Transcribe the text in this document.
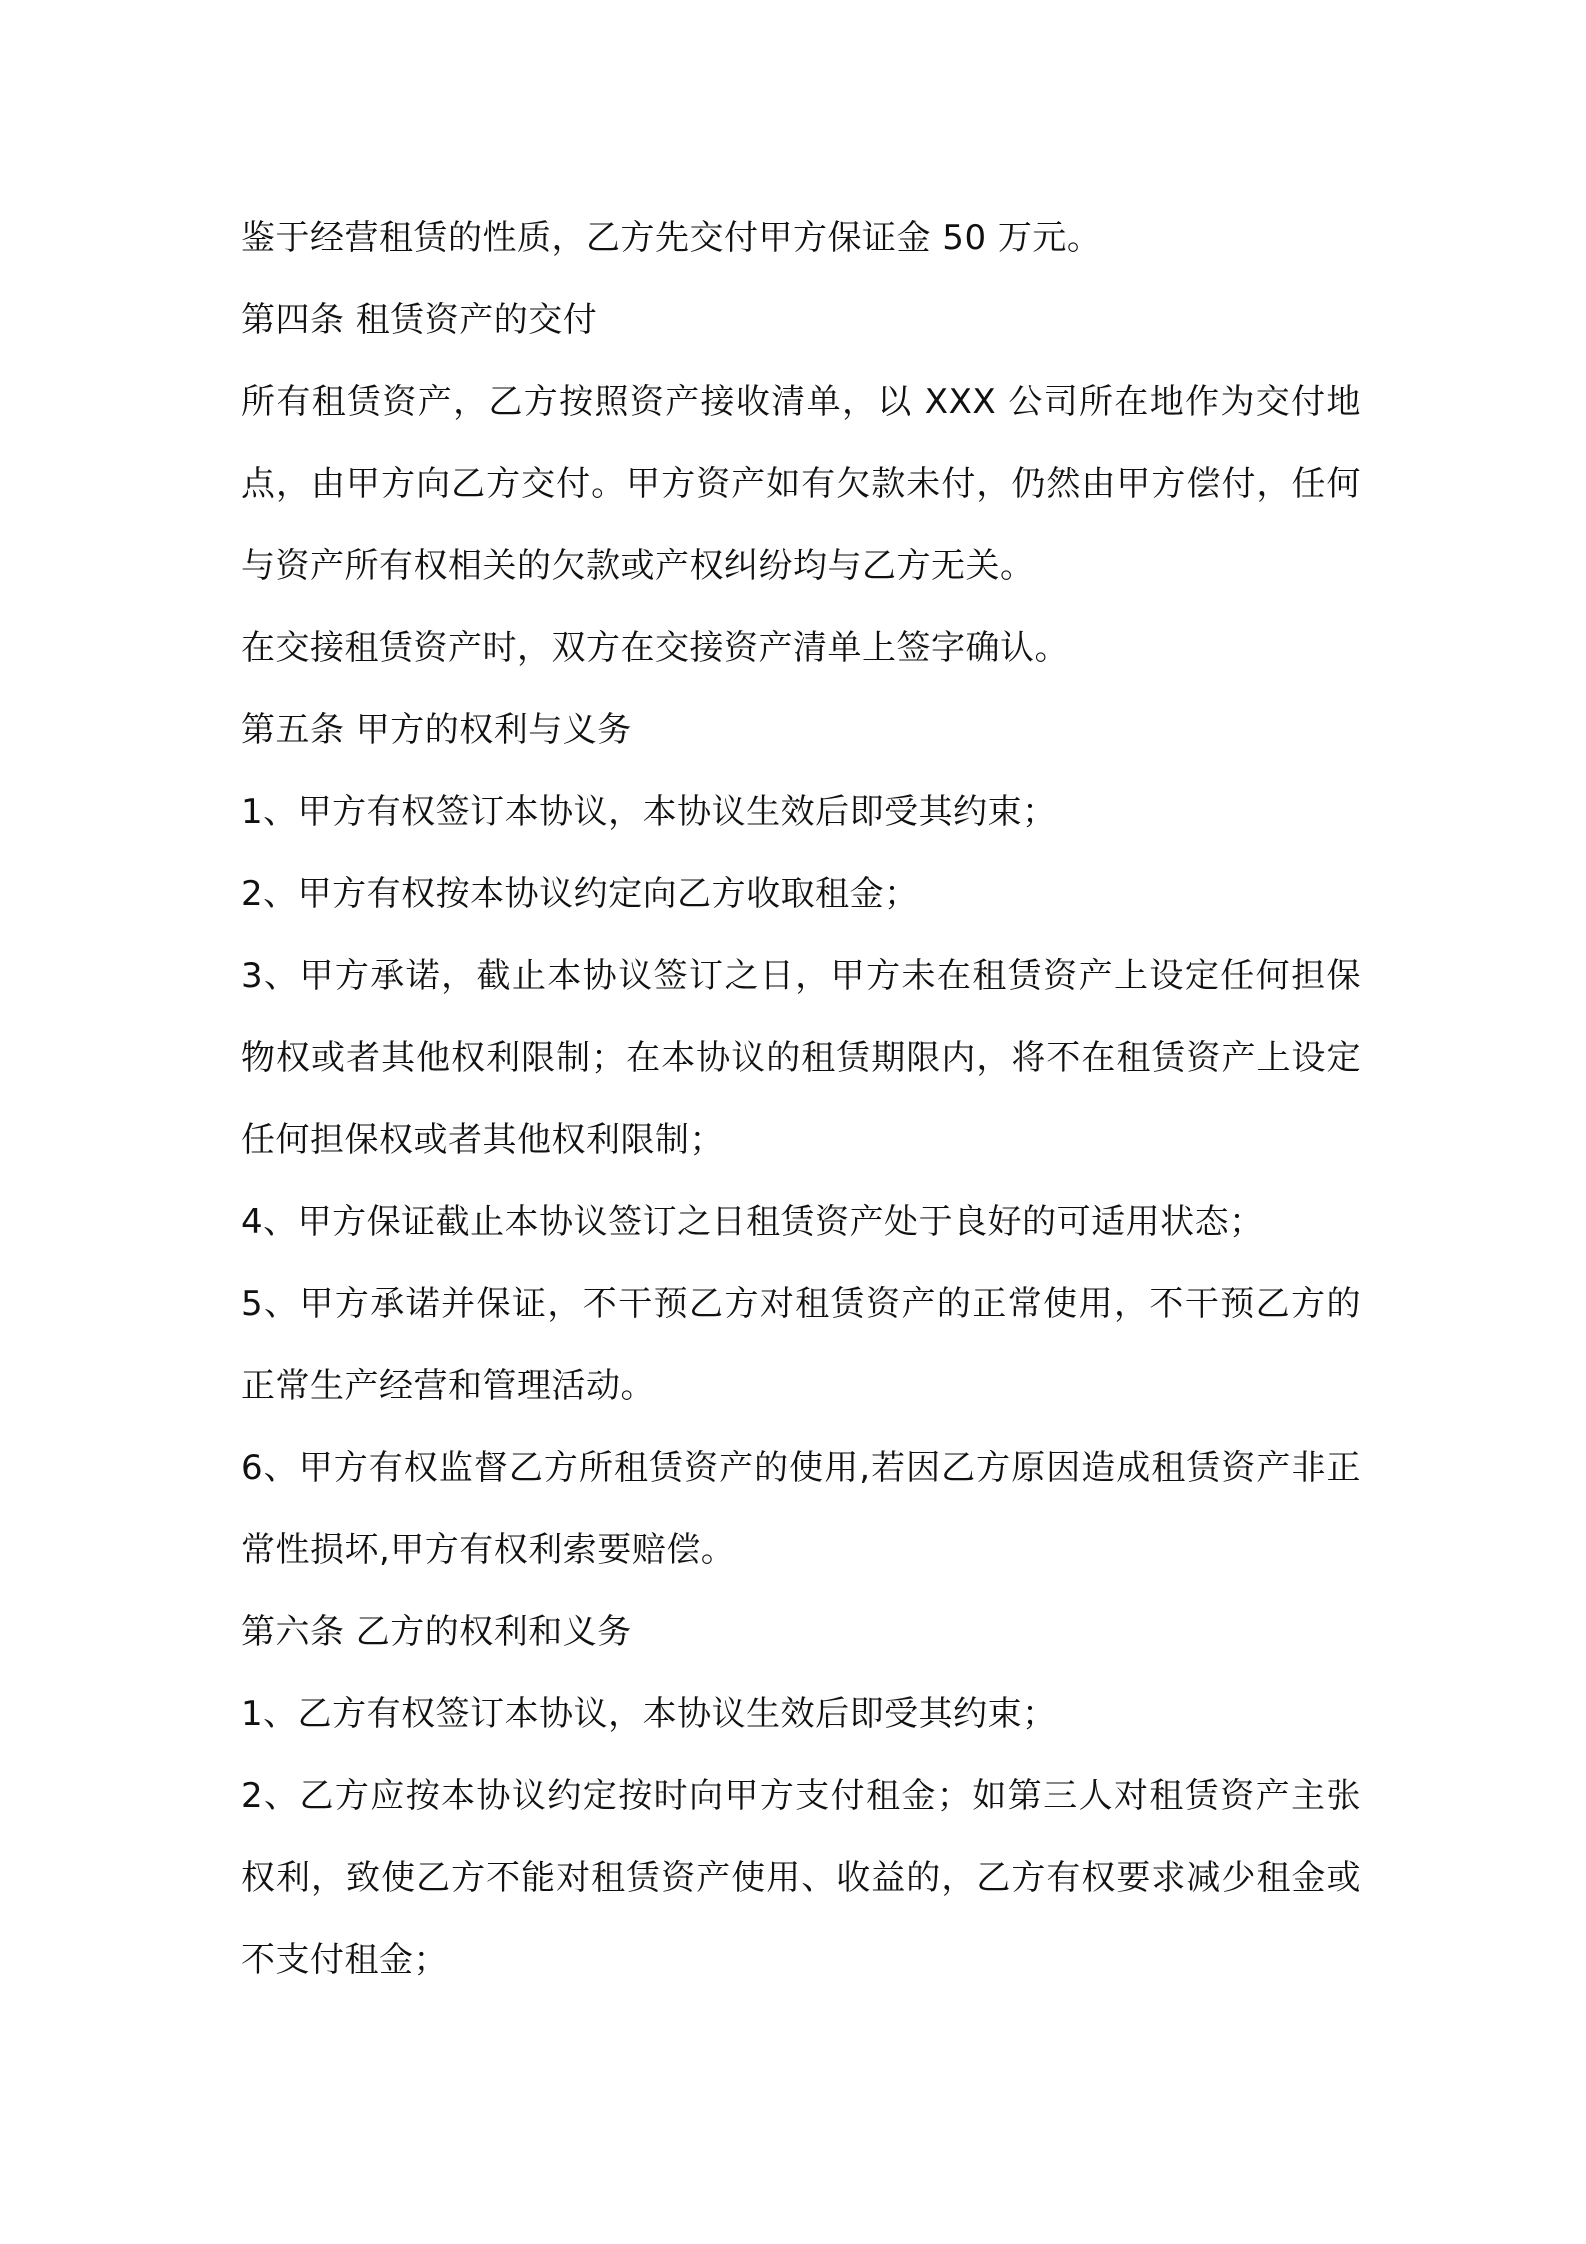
鉴于经营租赁的性质，乙方先交付甲方保证金 50 万元。

第四条 租赁资产的交付

所有租赁资产，乙方按照资产接收清单，以 XXX 公司所在地作为交付地点，由甲方向乙方交付。甲方资产如有欠款未付，仍然由甲方偿付，任何与资产所有权相关的欠款或产权纠纷均与乙方无关。

在交接租赁资产时，双方在交接资产清单上签字确认。

第五条 甲方的权利与义务

1、甲方有权签订本协议，本协议生效后即受其约束；

2、甲方有权按本协议约定向乙方收取租金；

3、甲方承诺，截止本协议签订之日，甲方未在租赁资产上设定任何担保物权或者其他权利限制；在本协议的租赁期限内，将不在租赁资产上设定任何担保权或者其他权利限制；

4、甲方保证截止本协议签订之日租赁资产处于良好的可适用状态；

5、甲方承诺并保证，不干预乙方对租赁资产的正常使用，不干预乙方的正常生产经营和管理活动。

6、甲方有权监督乙方所租赁资产的使用,若因乙方原因造成租赁资产非正常性损坏,甲方有权利索要赔偿。

第六条 乙方的权利和义务

1、乙方有权签订本协议，本协议生效后即受其约束；

2、乙方应按本协议约定按时向甲方支付租金；如第三人对租赁资产主张权利，致使乙方不能对租赁资产使用、收益的，乙方有权要求减少租金或不支付租金；
